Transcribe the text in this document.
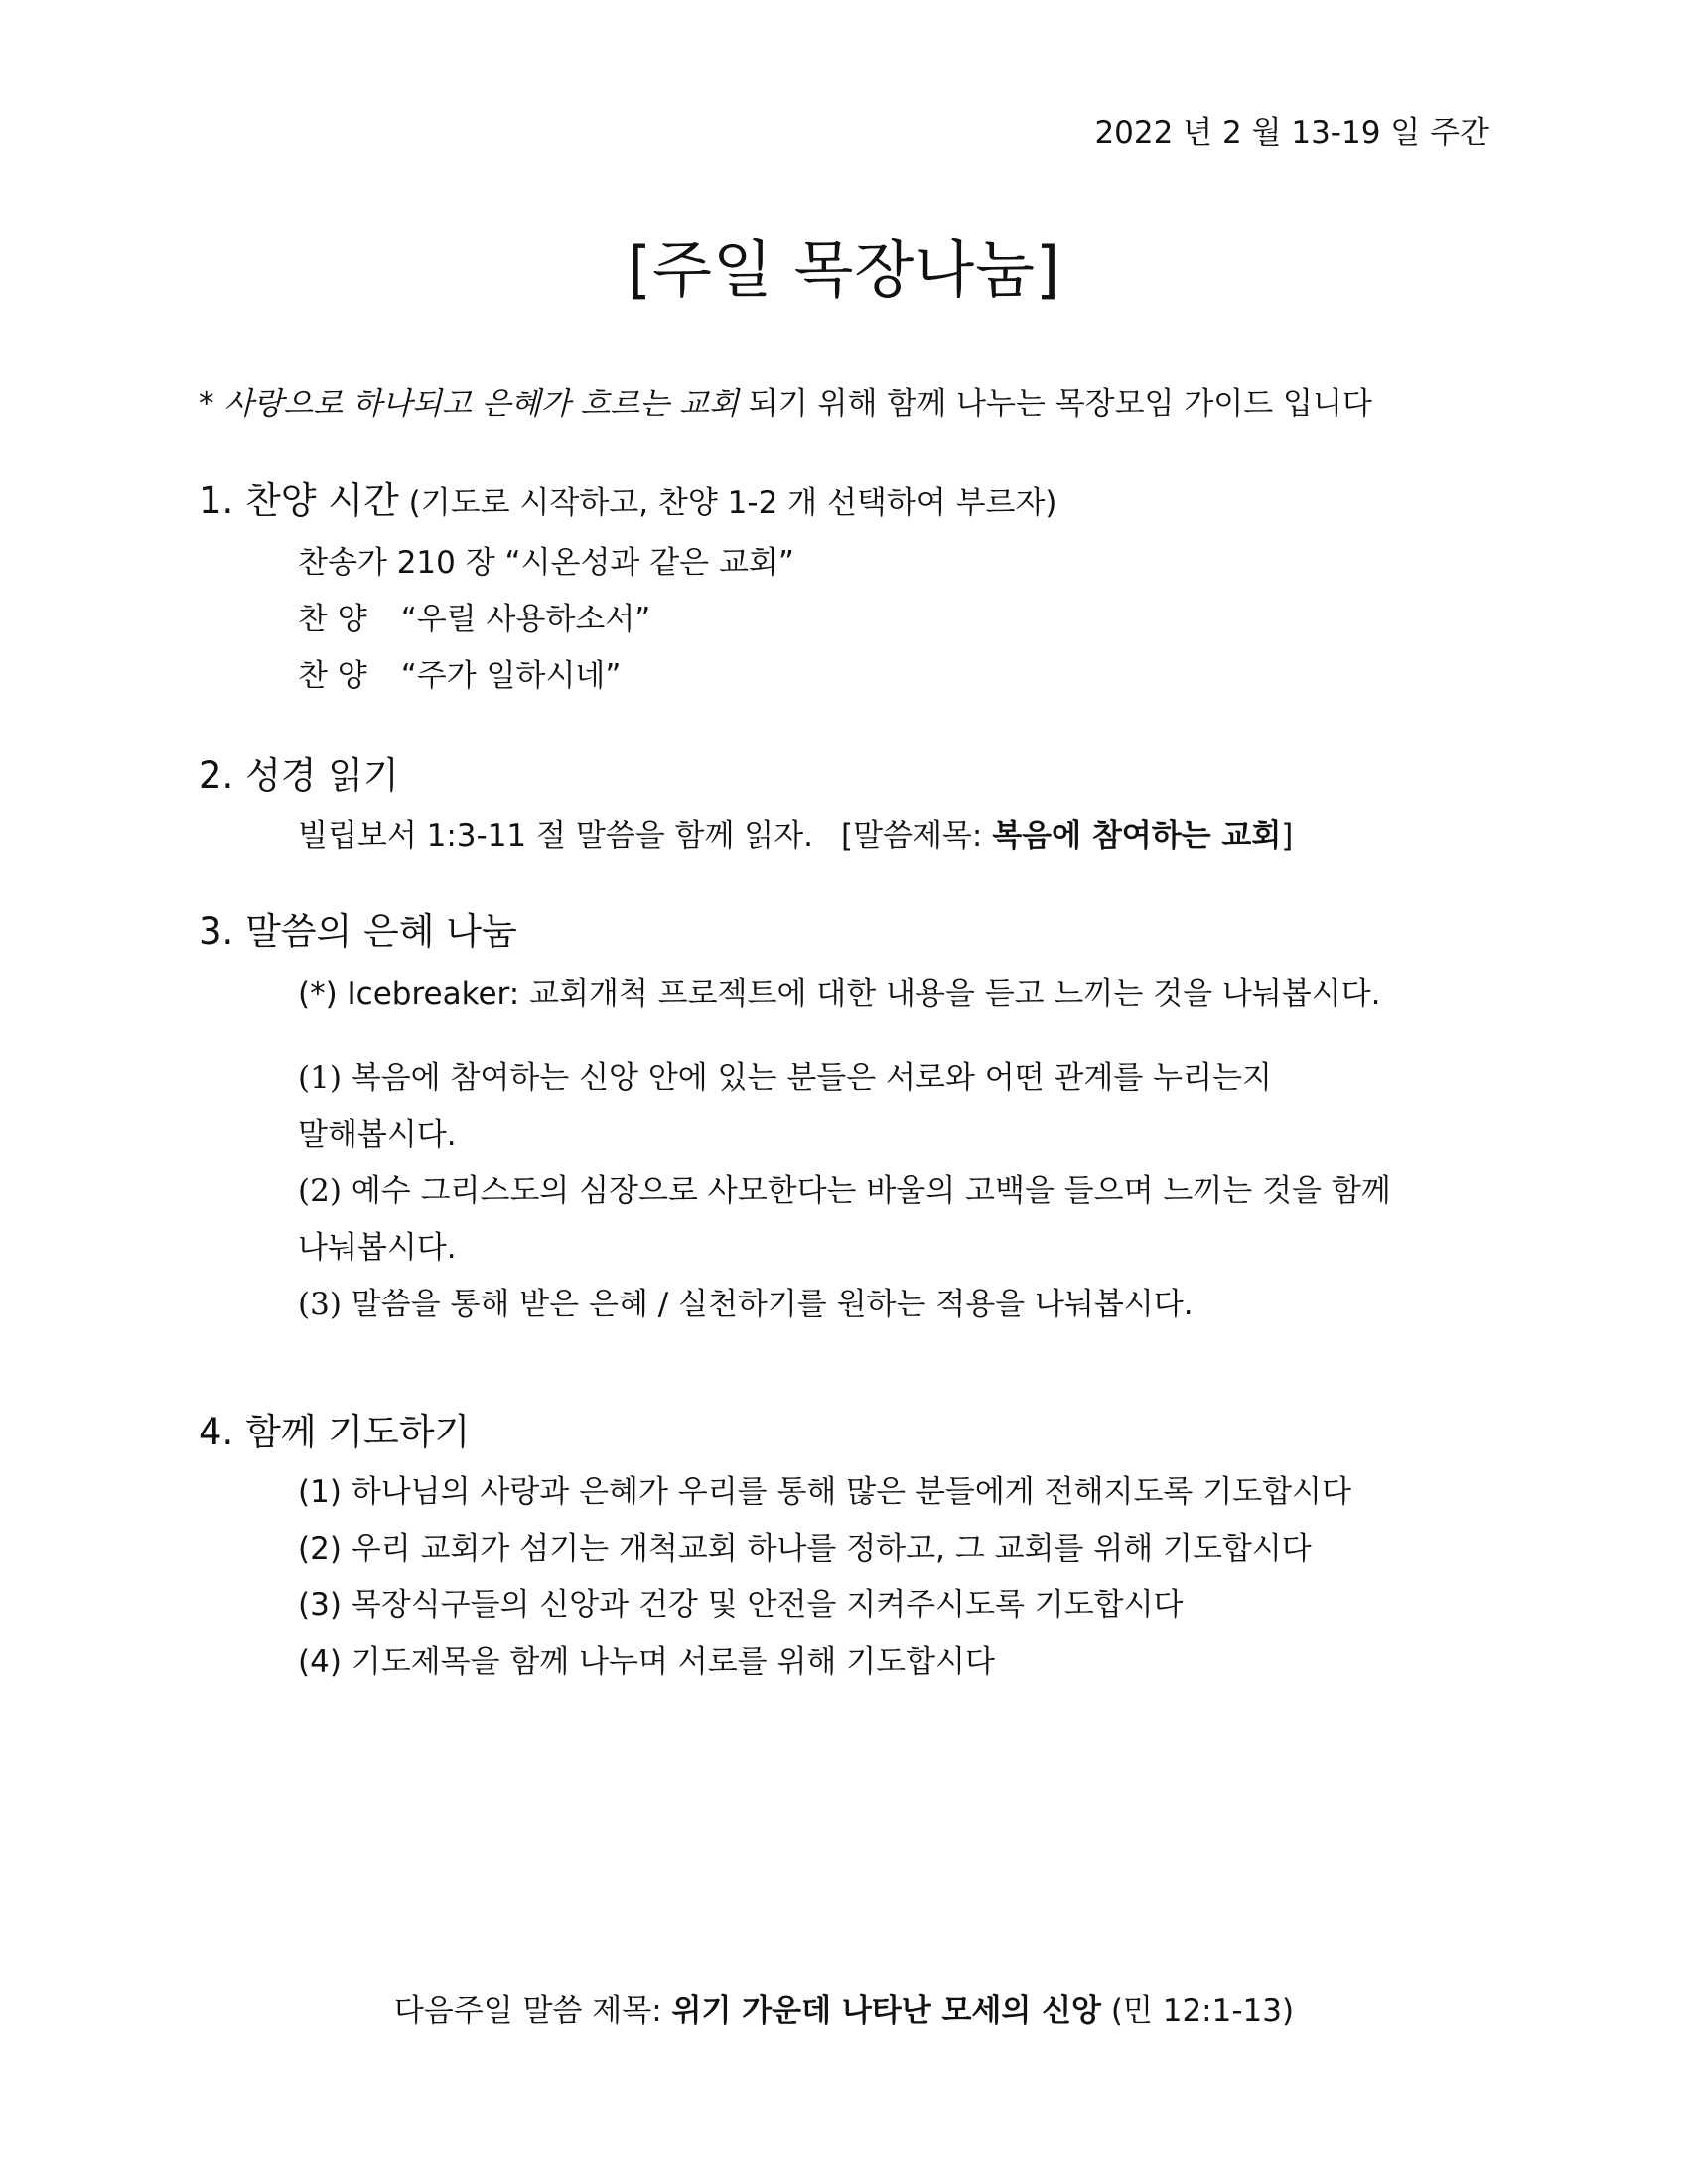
2022 년 2 월 13-19 일 주간
[주일 목장나눔]
* 사랑으로 하나되고 은혜가 흐르는 교회 되기 위해 함께 나누는 목장모임 가이드 입니다
1. 찬양 시간 (기도로 시작하고, 찬양 1-2 개 선택하여 부르자)
찬송가 210 장 “시온성과 같은 교회”
찬 양 “우릴 사용하소서”
찬 양 “주가 일하시네”
2. 성경 읽기
빌립보서 1:3-11 절 말씀을 함께 읽자. [말씀제목: 복음에 참여하는 교회]
3. 말씀의 은혜 나눔
(*) Icebreaker: 교회개척 프로젝트에 대한 내용을 듣고 느끼는 것을 나눠봅시다.
(1) 복음에 참여하는 신앙 안에 있는 분들은 서로와 어떤 관계를 누리는지
말해봅시다.
(2) 예수 그리스도의 심장으로 사모한다는 바울의 고백을 들으며 느끼는 것을 함께
나눠봅시다.
(3) 말씀을 통해 받은 은혜 / 실천하기를 원하는 적용을 나눠봅시다.
4. 함께 기도하기
(1) 하나님의 사랑과 은혜가 우리를 통해 많은 분들에게 전해지도록 기도합시다
(2) 우리 교회가 섬기는 개척교회 하나를 정하고, 그 교회를 위해 기도합시다
(3) 목장식구들의 신앙과 건강 및 안전을 지켜주시도록 기도합시다
(4) 기도제목을 함께 나누며 서로를 위해 기도합시다
다음주일 말씀 제목: 위기 가운데 나타난 모세의 신앙 (민 12:1-13)
